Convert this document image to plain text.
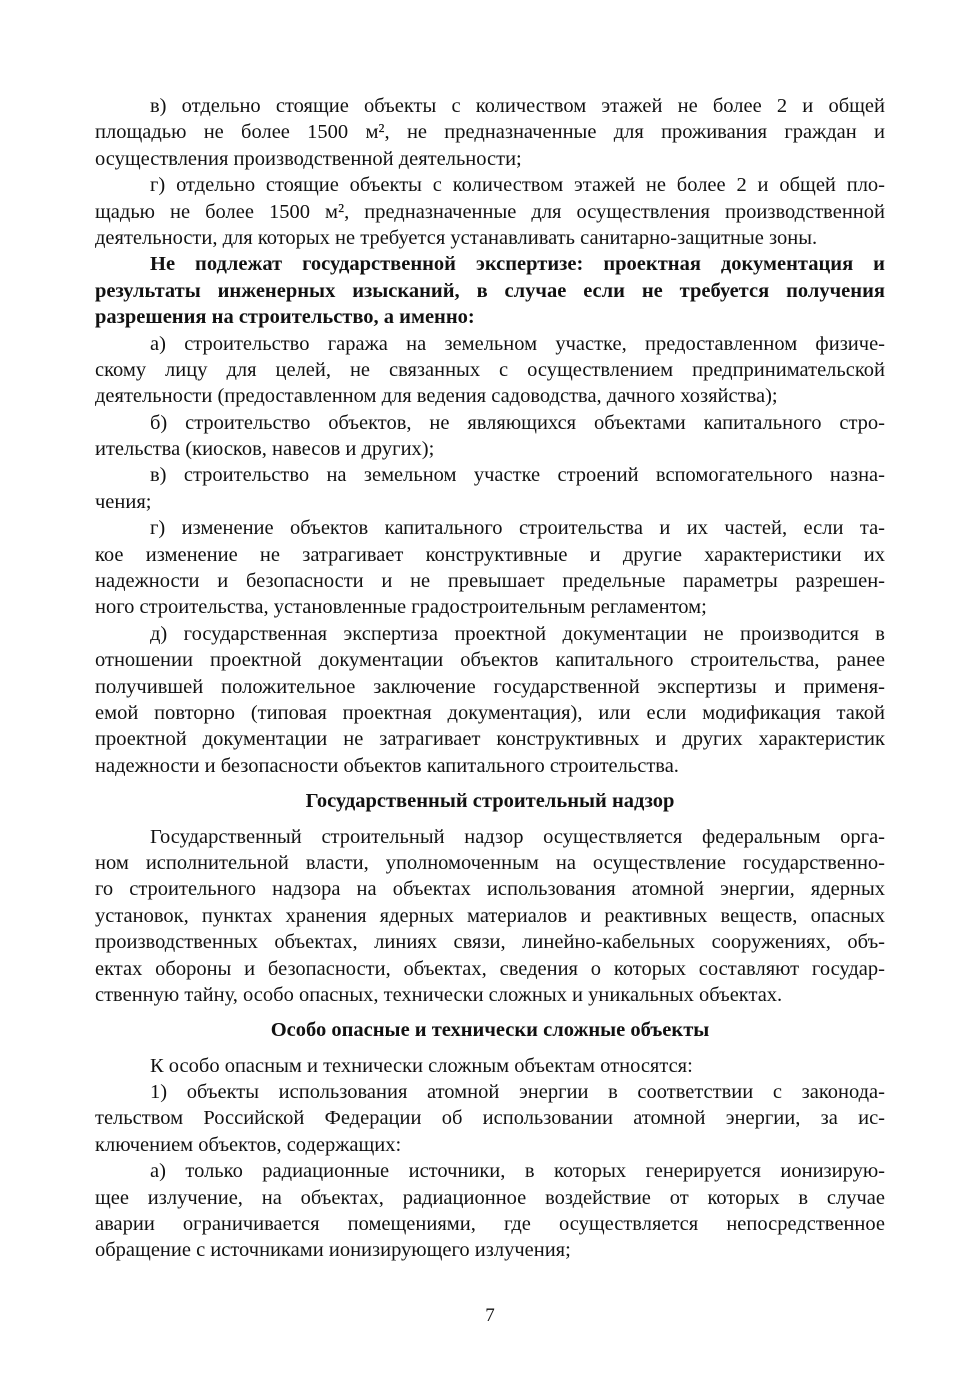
в) отдельно стоящие объекты с количеством этажей не более 2 и общей
площадью не более 1500 м², не предназначенные для проживания граждан и
осуществления производственной деятельности;
г) отдельно стоящие объекты с количеством этажей не более 2 и общей пло-
щадью не более 1500 м², предназначенные для осуществления производственной
деятельности, для которых не требуется устанавливать санитарно-защитные зоны.
Не подлежат государственной экспертизе: проектная документация и
результаты инженерных изысканий, в случае если не требуется получения
разрешения на строительство, а именно:
а) строительство гаража на земельном участке, предоставленном физиче-
скому лицу для целей, не связанных с осуществлением предпринимательской
деятельности (предоставленном для ведения садоводства, дачного хозяйства);
б) строительство объектов, не являющихся объектами капитального стро-
ительства (киосков, навесов и других);
в) строительство на земельном участке строений вспомогательного назна-
чения;
г) изменение объектов капитального строительства и их частей, если та-
кое изменение не затрагивает конструктивные и другие характеристики их
надежности и безопасности и не превышает предельные параметры разрешен-
ного строительства, установленные градостроительным регламентом;
д) государственная экспертиза проектной документации не производится в
отношении проектной документации объектов капитального строительства, ранее
получившей положительное заключение государственной экспертизы и применя-
емой повторно (типовая проектная документация), или если модификация такой
проектной документации не затрагивает конструктивных и других характеристик
надежности и безопасности объектов капитального строительства.
Государственный строительный надзор
Государственный строительный надзор осуществляется федеральным орга-
ном исполнительной власти, уполномоченным на осуществление государственно-
го строительного надзора на объектах использования атомной энергии, ядерных
установок, пунктах хранения ядерных материалов и реактивных веществ, опасных
производственных объектах, линиях связи, линейно-кабельных сооружениях, объ-
ектах обороны и безопасности, объектах, сведения о которых составляют государ-
ственную тайну, особо опасных, технически сложных и уникальных объектах.
Особо опасные и технически сложные объекты
К особо опасным и технически сложным объектам относятся:
1) объекты использования атомной энергии в соответствии с законода-
тельством Российской Федерации об использовании атомной энергии, за ис-
ключением объектов, содержащих:
а) только радиационные источники, в которых генерируется ионизирую-
щее излучение, на объектах, радиационное воздействие от которых в случае
аварии ограничивается помещениями, где осуществляется непосредственное
обращение с источниками ионизирующего излучения;
7
